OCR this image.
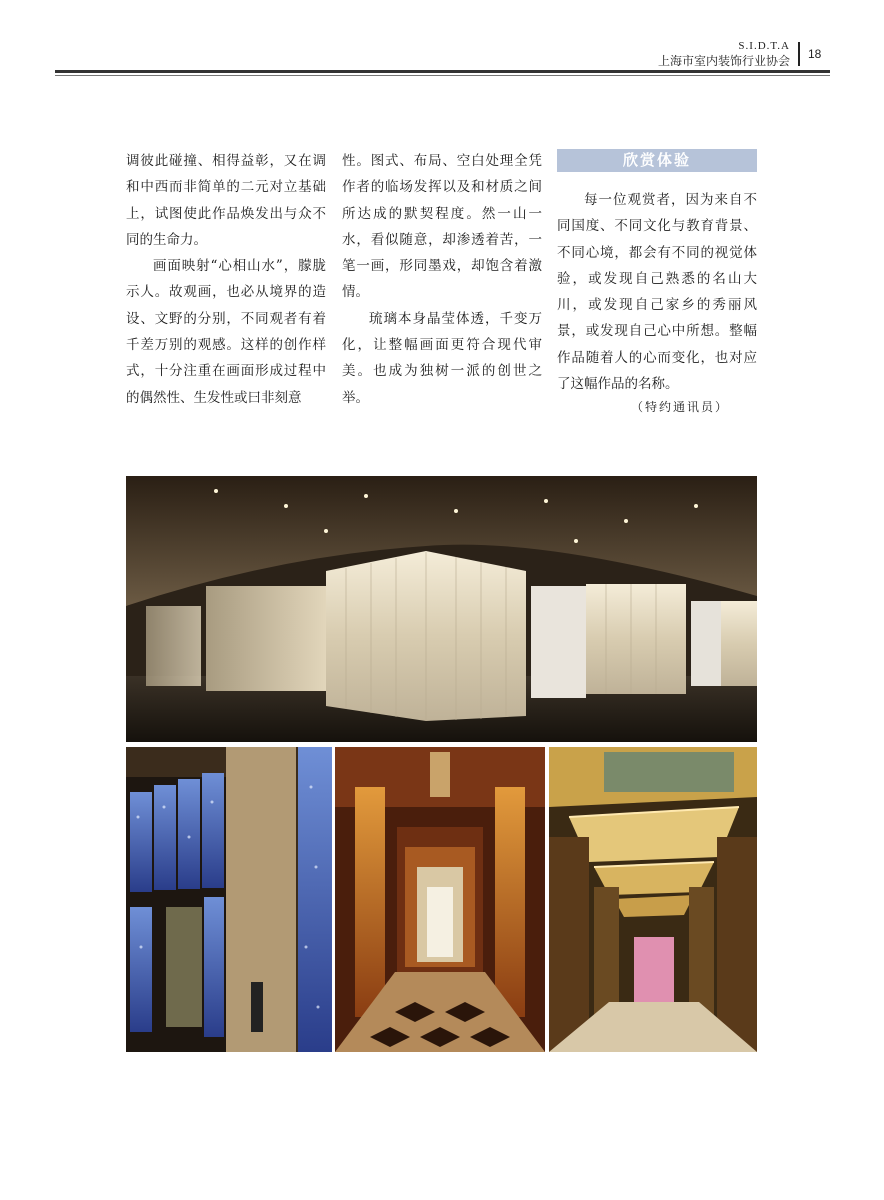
S.I.D.T.A
上海市室内装饰行业协会 18

调彼此碰撞、相得益彰，又在调和中西而非简单的二元对立基础上，试图使此作品焕发出与众不同的生命力。

画面映射“心相山水”，朦胧示人。故观画，也必从境界的造设、文野的分别，不同观者有着千差万别的观感。这样的创作样式，十分注重在画面形成过程中的偶然性、生发性或曰非刻意

性。图式、布局、空白处理全凭作者的临场发挥以及和材质之间所达成的默契程度。然一山一水，看似随意，却渗透着苦，一笔一画，形同墨戏，却饱含着激情。

琉璃本身晶莹体透，千变万化，让整幅画面更符合现代审美。也成为独树一派的创世之举。

欣赏体验

每一位观赏者，因为来自不同国度、不同文化与教育背景、不同心境，都会有不同的视觉体验，或发现自己熟悉的名山大川，或发现自己家乡的秀丽风景，或发现自己心中所想。整幅作品随着人的心而变化，也对应了这幅作品的名称。

（特约通讯员）
